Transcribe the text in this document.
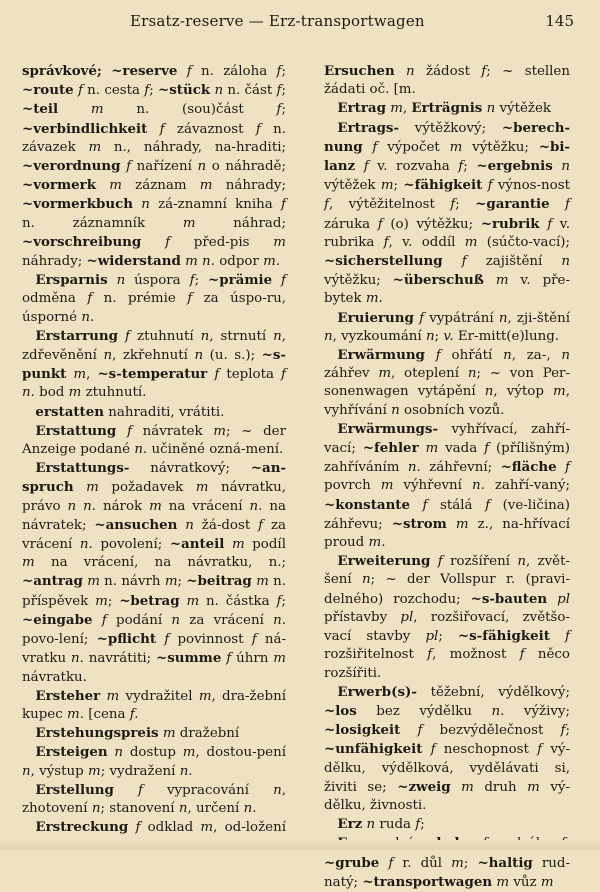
Ersatz-reserve — Erz-transportwagen	145

správkové; ~reserve f n. záloha f; ~route f n. cesta f; ~stück n n. část f; ~teil m n. (sou)část f; ~verbindlichkeit f závaznost f n. závazek m n., náhrady, na-hraditi; ~verordnung f nařízení n o náhradě; ~vormerk m záznam m náhrady; ~vormerkbuch n zá-znamní kniha f n. záznamník m náhrad; ~vorschreibung f před-pis m náhrady; ~widerstand m n. odpor m.

Ersparnis n úspora f; ~prämie f odměna f n. prémie f za úspo-ru, úsporné n.

Erstarrung f ztuhnutí n, strnutí n, zdřevěnění n, zkřehnutí n (u. s.); ~s-punkt m, ~s-temperatur f teplota f n. bod m ztuhnutí.

erstatten nahraditi, vrátiti.

Erstattung f návratek m; ~ der Anzeige podané n. učiněné ozná-mení.

Erstattungs- návratkový; ~an-spruch m požadavek m návratku, právo n n. nárok m na vrácení n. na návratek; ~ansuchen n žá-dost f za vrácení n. povolení; ~anteil m podíl m na vrácení, na návratku, n.; ~antrag m n. návrh m; ~beitrag m n. příspěvek m; ~betrag m n. částka f; ~eingabe f podání n za vrácení n. povo-lení; ~pflicht f povinnost f ná-vratku n. navrátiti; ~summe f úhrn m návratku.

Ersteher m vydražitel m, dra-žební kupec m. [cena f.

Erstehungspreis m dražební

Ersteigen n dostup m, dostou-pení n, výstup m; vydražení n.

Erstellung f vypracování n, zhotovení n; stanovení n, určení n.

Erstreckung f odklad m, od-ložení

Ersuchen n žádost f; ~ stellen žádati oč. [m.

Ertrag m, Erträgnis n výtěžek

Ertrags- výtěžkový; ~berech-nung f výpočet m výtěžku; ~bi-lanz f v. rozvaha f; ~ergebnis n výtěžek m; ~fähigkeit f výnos-nost f, výtěžitelnost f; ~garantie f záruka f (o) výtěžku; ~rubrik f v. rubrika f, v. oddíl m (súčto-vací); ~sicherstellung f zajištění n výtěžku; ~überschuß m v. pře-bytek m.

Eruierung f vypátrání n, zji-štění n, vyzkoumání n; v. Er-mitt(e)lung.

Erwärmung f ohřátí n, za-, n záhřev m, oteplení n; ~ von Per-sonenwagen vytápění n, výtop m, vyhřívání n osobních vozů.

Erwärmungs- vyhřívací, zahří-vací; ~fehler m vada f (přílišným) zahříváním n. záhřevní; ~fläche f povrch m výhřevní n. zahří-vaný; ~konstante f stálá f (ve-ličina) záhřevu; ~strom m z., na-hřívací proud m.

Erweiterung f rozšíření n, zvět-šení n; ~ der Vollspur r. (pravi-delného) rozchodu; ~s-bauten pl přístavby pl, rozšiřovací, zvětšo-vací stavby pl; ~s-fähigkeit f rozšiřitelnost f, možnost f něco rozšířiti.

Erwerb(s)- těžební, výdělkový; ~los bez výdělku n. výživy; ~losigkeit f bezvýdělečnost f; ~unfähigkeit f neschopnost f vý-dělku, výdělková, vydělávati si, živiti se; ~zweig m druh m vý-dělku, živnosti.

Erz n ruda f;

~grube f r. důl m; ~haltig rud-natý; ~transportwagen m vůz m
